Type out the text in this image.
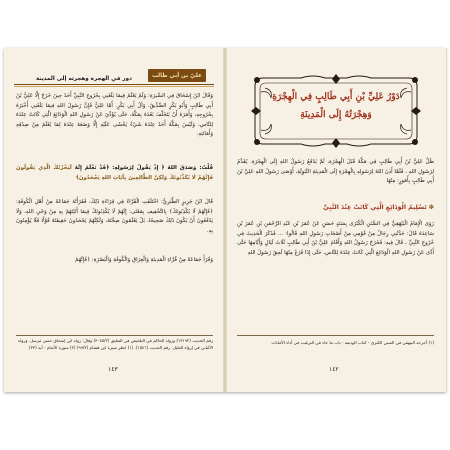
دور في الهجرة وهجرته إلى المدينة
عليّ بن أبي طالب

وَقَالَ ابْنُ إِسْحَاقَ فِي السِّيرَةِ: وَلَمْ يَعْلَمْ فِيمَا بَلَغَنِي بِخُرُوجِ النَّبِيِّ أَحَدٌ حِينَ خَرَجَ إِلَّا عَلِيُّ بْنُ أَبِي طَالِبٍ وَأَبُو بَكْرٍ الصِّدِّيقُ، وَآلُ أَبِي بَكْرٍ. أَمَّا عَلِيٌّ فَإِنَّ رَسُولَ اللهِ فِيمَا بَلَغَنِي أَخْبَرَهُ بِخُرُوجِهِ، وَأَمَرَهُ أَنْ يَتَخَلَّفَ بَعْدَهُ بِمَكَّةَ، حَتَّى يُؤَدِّيَ عَنْ رَسُولِ اللهِ الْوَدَائِعَ الَّتِي كَانَتْ عِنْدَهُ لِلنَّاسِ، وَلَيْسَ بِمَكَّةَ أَحَدٌ عِنْدَهُ شَيْءٌ يَخْشَى عَلَيْهِ إِلَّا وَضَعَهُ عِنْدَهُ لِمَا يُعْلَمُ مِنْ صِدْقِهِ وَأَمَانَتِهِ.

قُلْتُ: وَصَدَقَ اللهُ ﴿ إِذْ يَقُولُ لِرَسُولِهِ: ﴿قَدْ نَعْلَمُ إِنَّهُ لَيَحْزُنُكَ الَّذِي يَقُولُونَ فَإِنَّهُمْ لَا يُكَذِّبُونَكَ وَلَكِنَّ الظَّالِمِينَ بِآيَاتِ اللهِ يَجْحَدُونَ﴾

قَالَ ابْنُ جَرِيرٍ الطَّبَرِيُّ: اخْتَلَفَتِ الْقُرَّاءُ فِي قِرَاءَةِ ذَلِكَ، فَقَرَأَتْهُ جَمَاعَةٌ مِنْ أَهْلِ الْكُوفَةِ: ﴿فَإِنَّهُمْ لَا يُكْذِبُونَكَ﴾ بِالتَّخْفِيفِ بِمَعْنَى: إِنَّهُمْ لَا يُكْذِبُونَكَ فِيمَا أَتَيْتَهُمْ بِهِ مِنْ وَحْيِ اللهِ، وَلَا يَدْفَعُونَ أَنْ يَكُونَ ذَلِكَ صَحِيحًا، بَلْ يَعْلَمُونَ صِحَّتَهُ، وَلَكِنَّهُمْ يَجْحَدُونَ حَقِيقَتَهُ قَوْلًا فَلَا يُؤْمِنُونَ بِهِ.

وَقَرَأَ جَمَاعَةٌ مِنْ قُرَّاءِ الْمَدِينَةِ وَالْعِرَاقِ وَالْكُوفَةِ وَالْبَصْرَةِ: ﴿فَإِنَّهُمْ

رقم الحديث (١٣١٩٢) ورواه الحاكم في التلخيص في التعليق (٣٠٤٥/٢) وقال: رواه ابن إسحاق حسن مرسل. ورواه الألباني في إرواء الغليل. رقم الحديث (١٥٤٦). (١) انظر سيرة ابن هشام (٩٩/٢) (٢) سورة الأنعام - آية (٣٣)

١٤٣

دَوْرُ عَلِيِّ بْنِ أَبِي طَالِبٍ فِي الْهِجْرَةِ

وَهِجْرَتُهُ إِلَى الْمَدِينَةِ

ظَلَّ عَلِيُّ بْنُ أَبِي طَالِبٍ فِي مَكَّةَ قَبْلَ الْهِجْرَةِ، ثُمَّ يَدْفَعُ رَسُولُ اللهِ إِلَى الْهِجْرَةِ. يُقَدِّمُ لِرَسُولِ اللهِ ، فَلَمَّا أَذِنَ اللهُ لِرَسُولِهِ بِالْهِجْرَةِ إِلَى الْمَدِينَةِ النَّبَوِيَّةِ، أَوْصَى رَسُولُ اللهِ عَلِيَّ بْنَ أَبِي طَالِبٍ بِأُمُورٍ: مِنْهَا

✽ تَسْلِيمُ الْوَدَائِعِ الَّتِي كَانَتْ عِنْدَ النَّبِيِّ

رَوَى الْإِمَامُ الْبَيْهَقِيُّ فِي السُّنَنِ الْكُبْرَى بِسَنَدٍ حَسَنٍ عَنْ عُمَرَ بْنِ عَبْدِ الرَّحْمَنِ بْنِ عُمَرَ بْنِ سَاعِدَةَ قَالَ: حَدَّثَنِي رِجَالٌ مِنْ قَوْمِي مِنْ أَصْحَابِ رَسُولِ اللهِ قَالُوا: ... فَذَكَرَ الْحَدِيثَ فِي خُرُوجِ النَّبِيِّ ، قَالَ فِيهِ: فَخَرَجَ رَسُولُ اللهِ وَأَقَامَ عَلِيُّ بْنُ أَبِي طَالِبٍ ثَلَاثَ لَيَالٍ وَأَيَّامِهَا حَتَّى أَدَّى عَنْ رَسُولِ اللهِ الْوَدَائِعَ الَّتِي كَانَتْ عِنْدَهُ لِلنَّاسِ، حَتَّى إِذَا فَرَغَ مِنْهَا لَحِقَ رَسُولَ اللهِ

(١) أخرجه البيهقي في السنن الكبرى - كتاب الوديعة - باب ما جاء في الترغيب في أداء الأمانات

١٤٢
